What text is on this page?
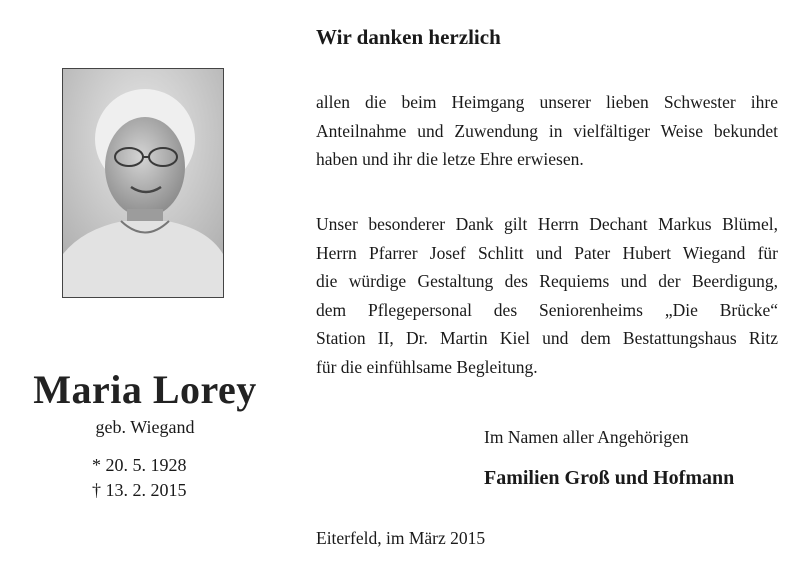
Maria Lorey
geb. Wiegand
* 20. 5. 1928
† 13. 2. 2015
Wir danken herzlich
allen die beim Heimgang unserer lieben Schwester ihre
Anteilnahme und Zuwendung in vielfältiger Weise bekundet
haben und ihr die letze Ehre erwiesen.
Unser besonderer Dank gilt Herrn Dechant Markus Blümel,
Herrn Pfarrer Josef Schlitt und Pater Hubert Wiegand für
die würdige Gestaltung des Requiems und der Beerdigung,
dem Pflegepersonal des Seniorenheims „Die Brücke“
Station II, Dr. Martin Kiel und dem Bestattungshaus Ritz
für die einfühlsame Begleitung.
Im Namen aller Angehörigen
Familien Groß und Hofmann
Eiterfeld, im März 2015
